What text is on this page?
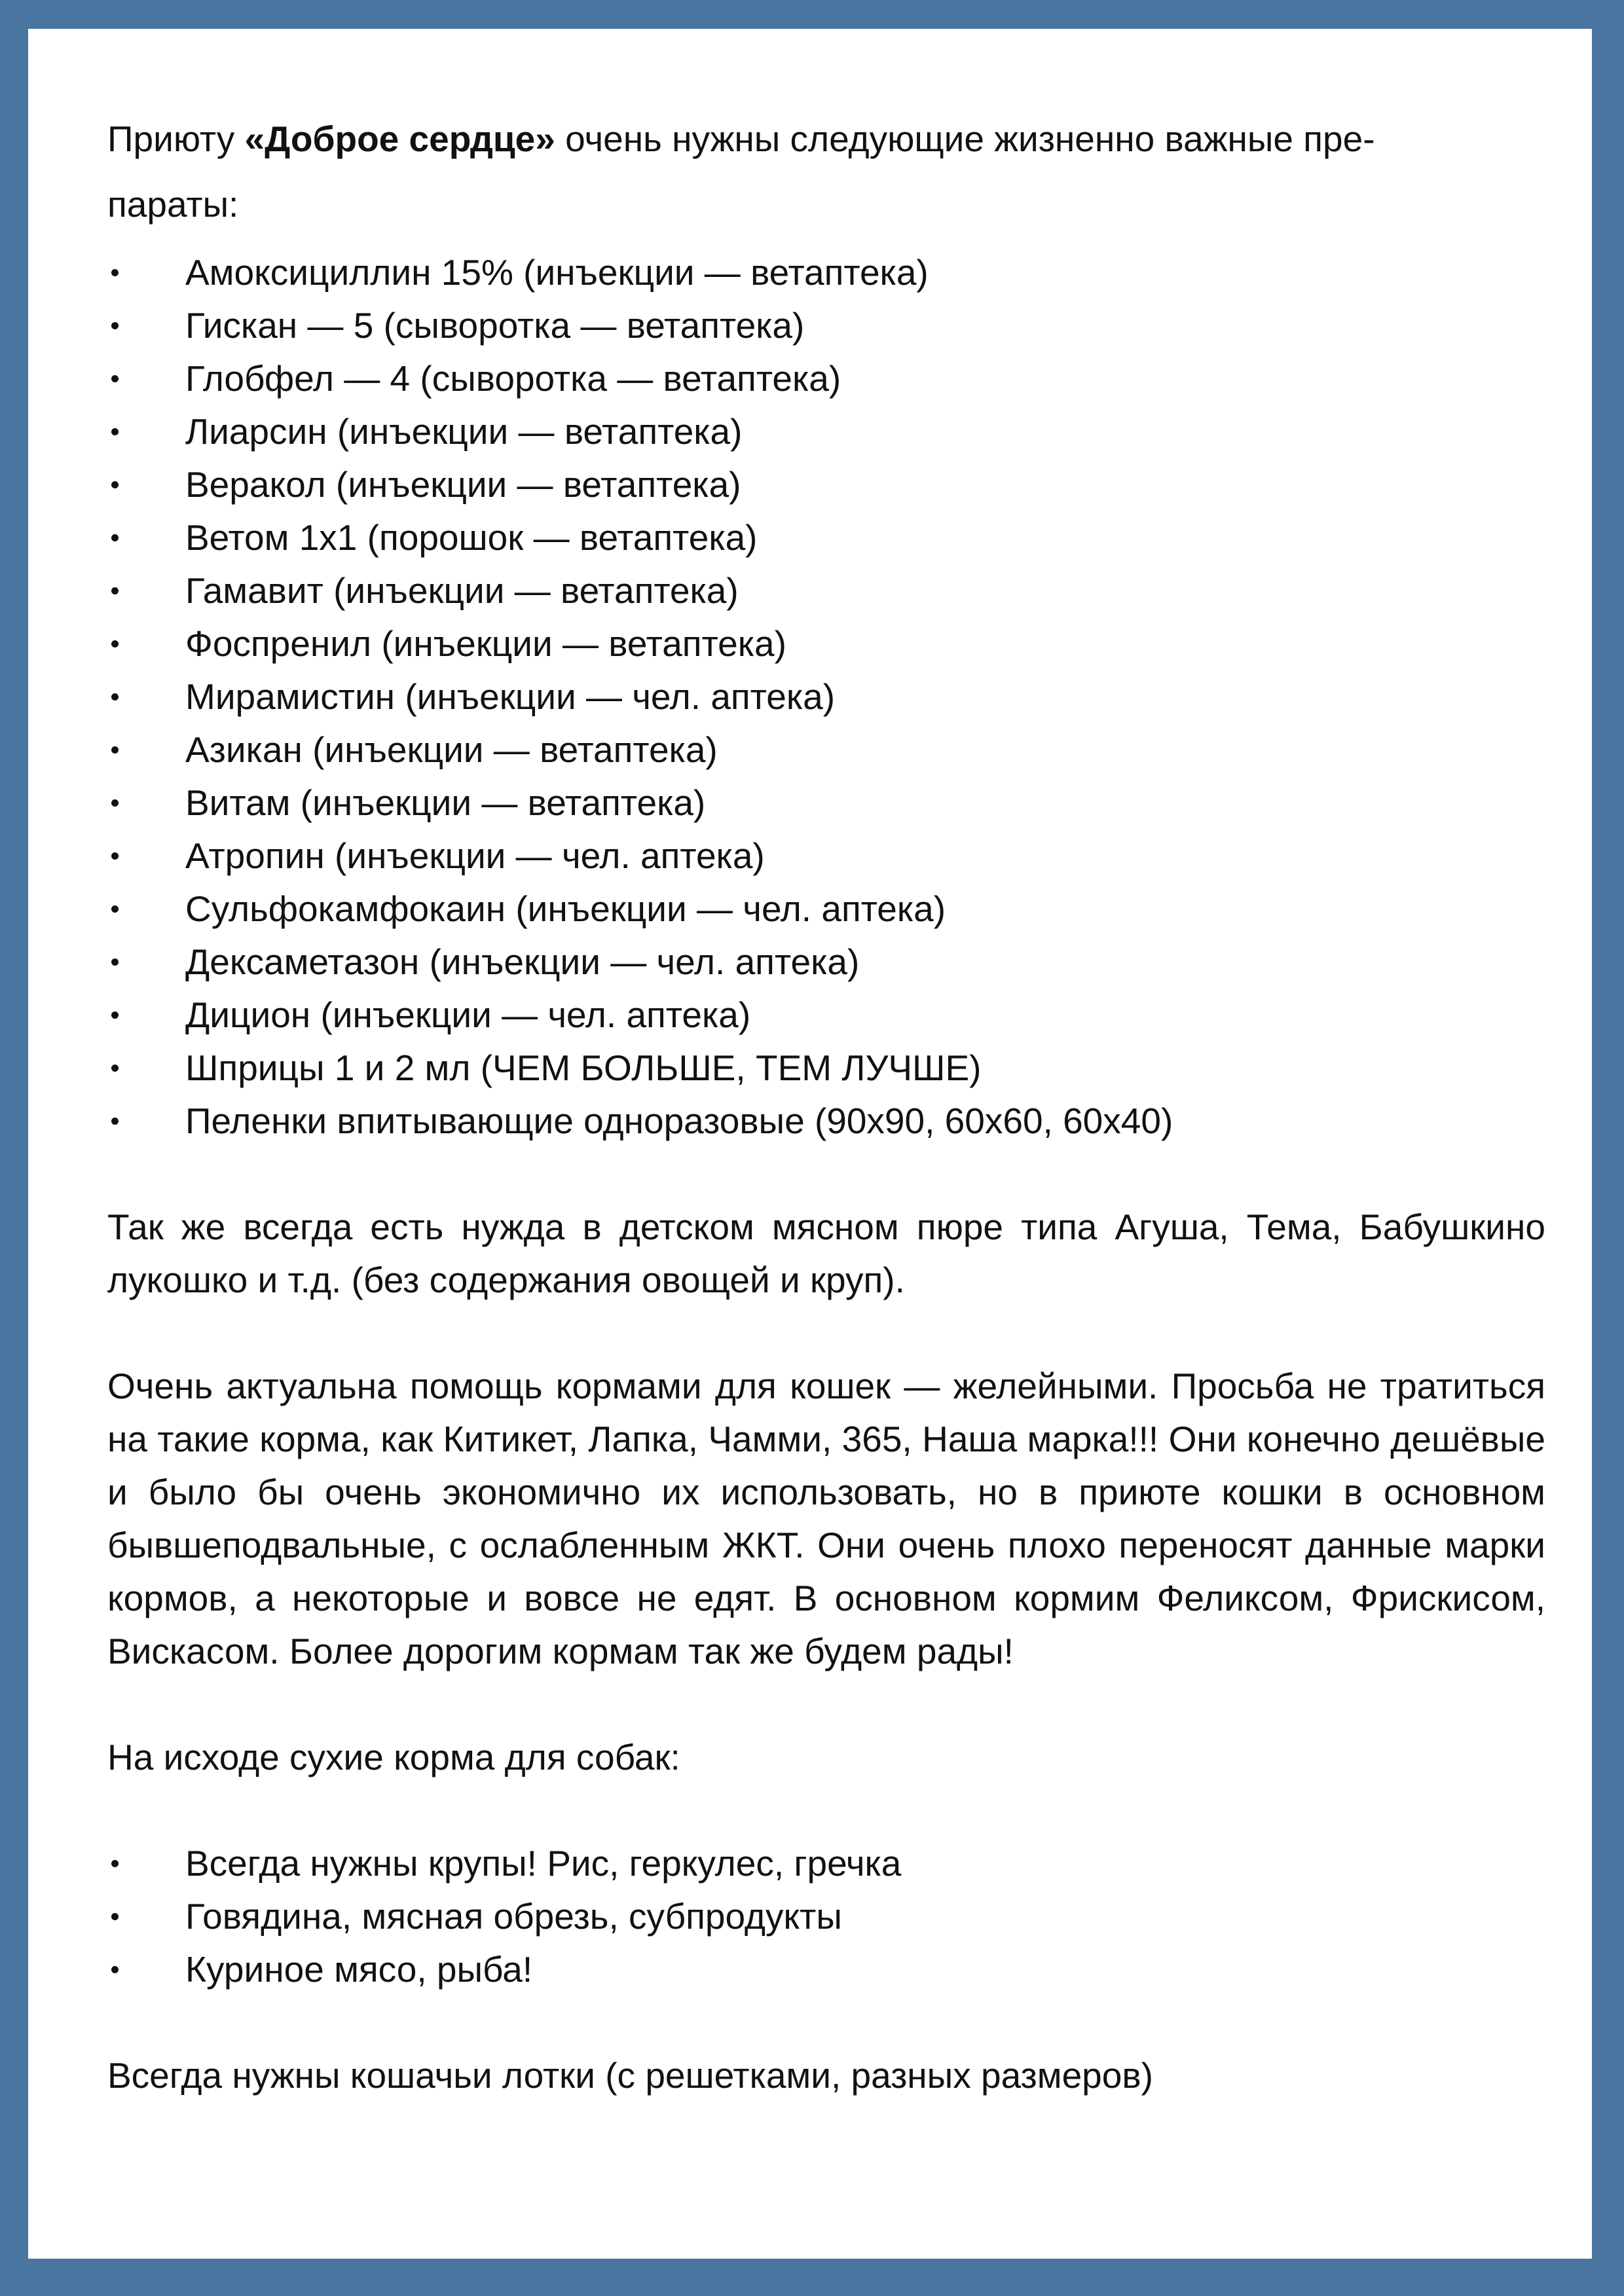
Приюту «Доброе сердце» очень нужны следующие жизненно важные пре-
параты:

Амоксициллин 15% (инъекции — ветаптека)
Гискан — 5 (сыворотка — ветаптека)
Глобфел — 4 (сыворотка — ветаптека)
Лиарсин (инъекции — ветаптека)
Веракол (инъекции — ветаптека)
Ветом 1х1 (порошок — ветаптека)
Гамавит (инъекции — ветаптека)
Фоспренил (инъекции — ветаптека)
Мирамистин (инъекции — чел. аптека)
Азикан (инъекции — ветаптека)
Витам (инъекции — ветаптека)
Атропин (инъекции — чел. аптека)
Сульфокамфокаин (инъекции — чел. аптека)
Дексаметазон (инъекции — чел. аптека)
Дицион (инъекции — чел. аптека)
Шприцы 1 и 2 мл (ЧЕМ БОЛЬШЕ, ТЕМ ЛУЧШЕ)
Пеленки впитывающие одноразовые (90х90, 60х60, 60х40)

Так же всегда есть нужда в детском мясном пюре типа Агуша, Тема, Бабушкино лукошко и т.д. (без содержания овощей и круп).

Очень актуальна помощь кормами для кошек — желейными. Просьба не тратиться на такие корма, как Китикет, Лапка, Чамми, 365, Наша марка!!! Они конечно дешёвые и было бы очень экономично их использовать, но в приюте кошки в основном бывшеподвальные, с ослабленным ЖКТ. Они очень плохо переносят данные марки кормов, а некоторые и вовсе не едят. В основном кормим Феликсом, Фрискисом, Вискасом. Более дорогим кормам так же будем рады!

На исходе сухие корма для собак:

Всегда нужны крупы! Рис, геркулес, гречка
Говядина, мясная обрезь, субпродукты
Куриное мясо, рыба!

Всегда нужны кошачьи лотки (с решетками, разных размеров)
